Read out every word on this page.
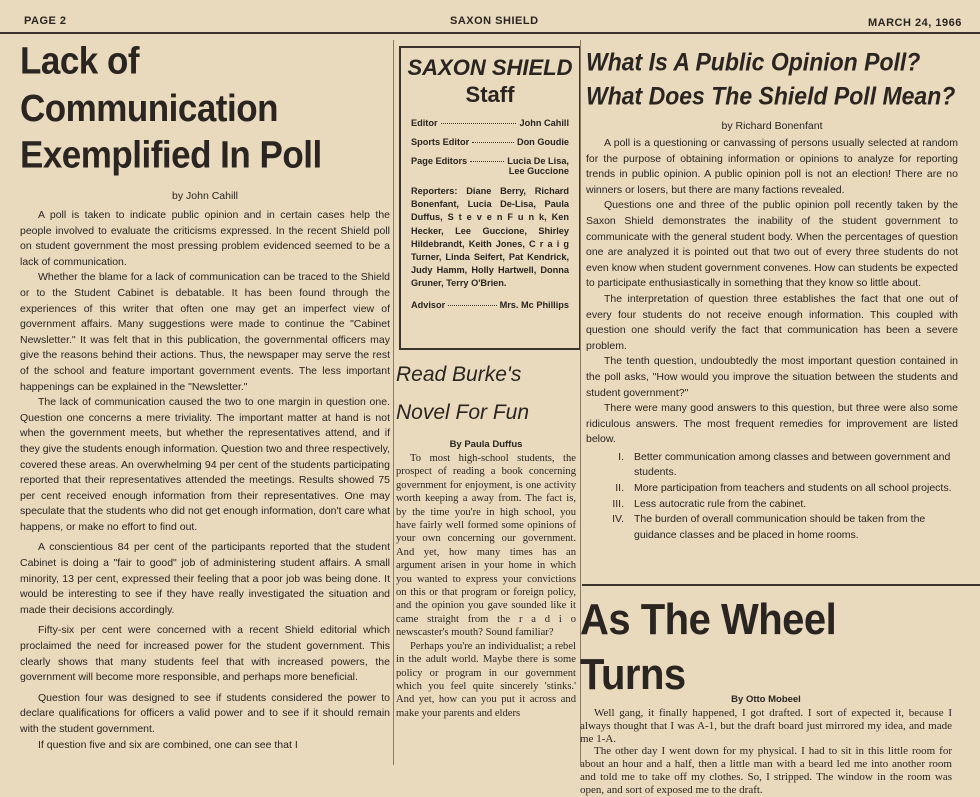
PAGE 2	SAXON SHIELD	MARCH 24, 1966
Lack of Communication
Exemplified In Poll
by John Cahill

A poll is taken to indicate public opinion and in certain cases help the people involved to evaluate the criticisms expressed. In the recent Shield poll on student government the most pressing problem evidenced seemed to be a lack of communication.

Whether the blame for a lack of communication can be traced to the Shield or to the Student Cabinet is debatable. It has been found through the experiences of this writer that often one may get an imperfect view of government affairs. Many suggestions were made to continue the "Cabinet Newsletter." It was felt that in this publication, the governmental officers may give the reasons behind their actions. Thus, the newspaper may serve the rest of the school and feature important government events. The less important happenings can be explained in the "Newsletter."

The lack of communication caused the two to one margin in question one. Question one concerns a mere triviality. The important matter at hand is not when the government meets, but whether the representatives attend, and if they give the students enough information. Question two and three respectively, covered these areas. An overwhelming 94 per cent of the students participating reported that their representatives attended the meetings. Results showed 75 per cent received enough information from their representatives. One may speculate that the students who did not get enough information, don't care what happens, or make no effort to find out.

A conscientious 84 per cent of the participants reported that the student Cabinet is doing a "fair to good" job of administering student affairs. A small minority, 13 per cent, expressed their feeling that a poor job was being done. It would be interesting to see if they have really investigated the situation and made their decisions accordingly.

Fifty-six per cent were concerned with a recent Shield editorial which proclaimed the need for increased power for the student government. This clearly shows that many students feel that with increased powers, the government will become more responsible, and perhaps more beneficial.

Question four was designed to see if students considered the power to declare qualifications for officers a valid power and to see if it should remain with the student government.

If question five and six are combined, one can see that I

SAXON SHIELD
Staff
Editor	John Cahill
Sports Editor	Don Goudie
Page Editors	Lucia De Lisa,
Lee Guccione
Reporters: Diane Berry, Richard Bonenfant, Lucia De-Lisa, Paula Duffus, S t e v e n F u n k, Ken Hecker, Lee Guccione, Shirley Hildebrandt, Keith Jones, C r a i g Turner, Linda Seifert, Pat Kendrick, Judy Hamm, Holly Hartwell, Donna Gruner, Terry O'Brien.
Advisor	Mrs. Mc Phillips
Read Burke's
Novel For Fun
By Paula Duffus

To most high-school students, the prospect of reading a book concerning government for enjoyment, is one activity worth keeping a away from. The fact is, by the time you're in high school, you have fairly well formed some opinions of your own concerning our government. And yet, how many times has an argument arisen in your home in which you wanted to express your convictions on this or that program or foreign policy, and the opinion you gave sounded like it came straight from the r a d i o newscaster's mouth? Sound familiar?

Perhaps you're an individualist; a rebel in the adult world. Maybe there is some policy or program in our government which you feel quite sincerely 'stinks.' And yet, how can you put it across and make your parents and elders

What Is A Public Opinion Poll?
What Does The Shield Poll Mean?
by Richard Bonenfant

A poll is a questioning or canvassing of persons usually selected at random for the purpose of obtaining information or opinions to analyze for reporting trends in public opinion. A public opinion poll is not an election! There are no winners or losers, but there are many factions revealed.

Questions one and three of the public opinion poll recently taken by the Saxon Shield demonstrates the inability of the student government to communicate with the general student body. When the percentages of question one are analyzed it is pointed out that two out of every three students do not even know when student government convenes. How can students be expected to participate enthusiastically in something that they know so little about.

The interpretation of question three establishes the fact that one out of every four students do not receive enough information. This coupled with question one should verify the fact that communication has been a severe problem.

The tenth question, undoubtedly the most important question contained in the poll asks, "How would you improve the situation between the students and student government?"

There were many good answers to this question, but three were also some ridiculous answers. The most frequent remedies for improvement are listed below.

I. Better communication among classes and between government and students.
II. More participation from teachers and students on all school projects.
III. Less autocratic rule from the cabinet.
IV. The burden of overall communication should be taken from the guidance classes and be placed in home rooms.
As The Wheel Turns
By Otto Mobeel

Well gang, it finally happened, I got drafted. I sort of expected it, because I always thought that I was A-1, but the draft board just mirrored my idea, and made me 1-A.

The other day I went down for my physical. I had to sit in this little room for about an hour and a half, then a little man with a beard led me into another room and told me to take off my clothes. So, I stripped. The window in the room was open, and sort of exposed me to the draft.
